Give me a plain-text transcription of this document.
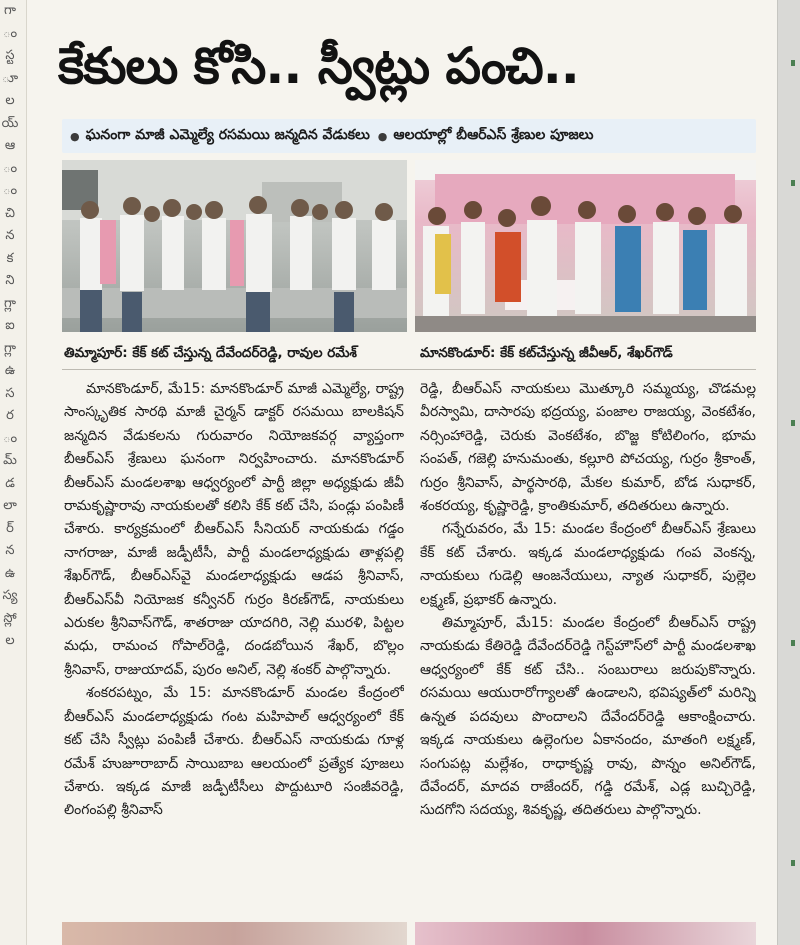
గా
ం
స్ట
ూ
ల
య్
ఆ
ం
ం
చి
న
క
ని
గ్లా
ఐ
గ్లా
ఉ
స
ర
ం
మ్
డ
లా
ర్
న
ఉ
స్య
స్లో
ల
కేకులు కోసి.. స్వీట్లు పంచి..
● ఘనంగా మాజీ ఎమ్మెల్యే రసమయి జన్మదిన వేడుకలు ● ఆలయాల్లో బీఆర్ఎస్ శ్రేణుల పూజలు
తిమ్మాపూర్: కేక్ కట్ చేస్తున్న దేవేందర్‌రెడ్డి, రావుల రమేశ్	మానకొండూర్: కేక్ కట్‌చేస్తున్న జీవీఆర్, శేఖర్‌గౌడ్

మానకొండూర్, మే15: మానకొండూర్ మాజీ ఎమ్మెల్యే, రాష్ట్ర సాంస్కృతిక సారథి మాజీ చైర్మన్ డాక్టర్ రసమయి బాలకిషన్ జన్మదిన వేడుకలను గురువారం నియోజకవర్గ వ్యాప్తంగా బీఆర్ఎస్ శ్రేణులు ఘనంగా నిర్వహించారు. మానకొండూర్ బీఆర్ఎస్ మండలశాఖ ఆధ్వర్యంలో పార్టీ జిల్లా అధ్యక్షుడు జీవీ రామకృష్ణారావు నాయకులతో కలిసి కేక్ కట్ చేసి, పండ్లు పంపిణీ చేశారు. కార్యక్రమంలో బీఆర్ఎస్ సీనియర్ నాయకుడు గడ్డం నాగరాజు, మాజీ జడ్పీటీసీ, పార్టీ మండలాధ్యక్షుడు తాళ్లపల్లి శేఖర్‌గౌడ్, బీఆర్ఎస్‌వై మండలాధ్యక్షుడు ఆడప శ్రీనివాస్, బీఆర్ఎస్‌వీ నియోజక కన్వీనర్ గుర్రం కిరణ్‌గౌడ్, నాయకులు ఎరుకల శ్రీనివాస్‌గౌడ్, శాతరాజు యాదగిరి, నెల్లి మురళి, పిట్టల మధు, రామంచ గోపాల్‌రెడ్డి, దండబోయిన శేఖర్, బొల్లం శ్రీనివాస్, రాజుయాదవ్, పురం అనిల్, నెల్లి శంకర్ పాల్గొన్నారు.

శంకరపట్నం, మే 15: మానకొండూర్ మండల కేంద్రంలో బీఆర్ఎస్ మండలాధ్యక్షుడు గంట మహిపాల్ ఆధ్వర్యంలో కేక్ కట్ చేసి స్వీట్లు పంపిణీ చేశారు. బీఆర్ఎస్ నాయకుడు గూళ్ల రమేశ్ హుజూరాబాద్ సాయిబాబ ఆలయంలో ప్రత్యేక పూజలు చేశారు. ఇక్కడ మాజీ జడ్పీటీసీలు పొద్దుటూరి సంజీవరెడ్డి, లింగంపల్లి శ్రీనివాస్

రెడ్డి, బీఆర్ఎస్ నాయకులు మొత్కూరి సమ్మయ్య, చొడమల్ల వీరస్వామి, దాసారపు భద్రయ్య, పంజాల రాజయ్య, వెంకటేశం, నర్సింహారెడ్డి, చెరుకు వెంకటేశం, బొజ్జ కోటిలింగం, భూమ సంపత్, గజెల్లి హనుమంతు, కల్లూరి పోచయ్య, గుర్రం శ్రీకాంత్, గుర్రం శ్రీనివాస్, పార్థసారథి, మేకల కుమార్, బోడ సుధాకర్, శంకరయ్య, కృష్ణారెడ్డి, క్రాంతికుమార్, తదితరులు ఉన్నారు.

గన్నేరువరం, మే 15: మండల కేంద్రంలో బీఆర్ఎస్ శ్రేణులు కేక్ కట్ చేశారు. ఇక్కడ మండలాధ్యక్షుడు గంప వెంకన్న, నాయకులు గుడెల్లి ఆంజనేయులు, న్యాత సుధాకర్, పుల్లెల లక్ష్మణ్, ప్రభాకర్ ఉన్నారు.

తిమ్మాపూర్, మే15: మండల కేంద్రంలో బీఆర్ఎస్ రాష్ట్ర నాయకుడు కేతిరెడ్డి దేవేందర్‌రెడ్డి గెస్ట్‌హౌస్‌లో పార్టీ మండలశాఖ ఆధ్వర్యంలో కేక్ కట్ చేసి.. సంబురాలు జరుపుకొన్నారు. రసమయి ఆయురారోగ్యాలతో ఉండాలని, భవిష్యత్‌లో మరిన్ని ఉన్నత పదవులు పొందాలని దేవేందర్‌రెడ్డి ఆకాంక్షించారు. ఇక్కడ నాయకులు ఉల్లెంగుల ఏకానందం, మాతంగి లక్ష్మణ్, సంగుపట్ల మల్లేశం, రాధాకృష్ణ రావు, పొన్నం అనిల్‌గౌడ్, దేవేందర్, మాదవ రాజేందర్, గడ్డి రమేశ్, ఎడ్ల బుచ్చిరెడ్డి, సుదగోని సదయ్య, శివకృష్ణ, తదితరులు పాల్గొన్నారు.
